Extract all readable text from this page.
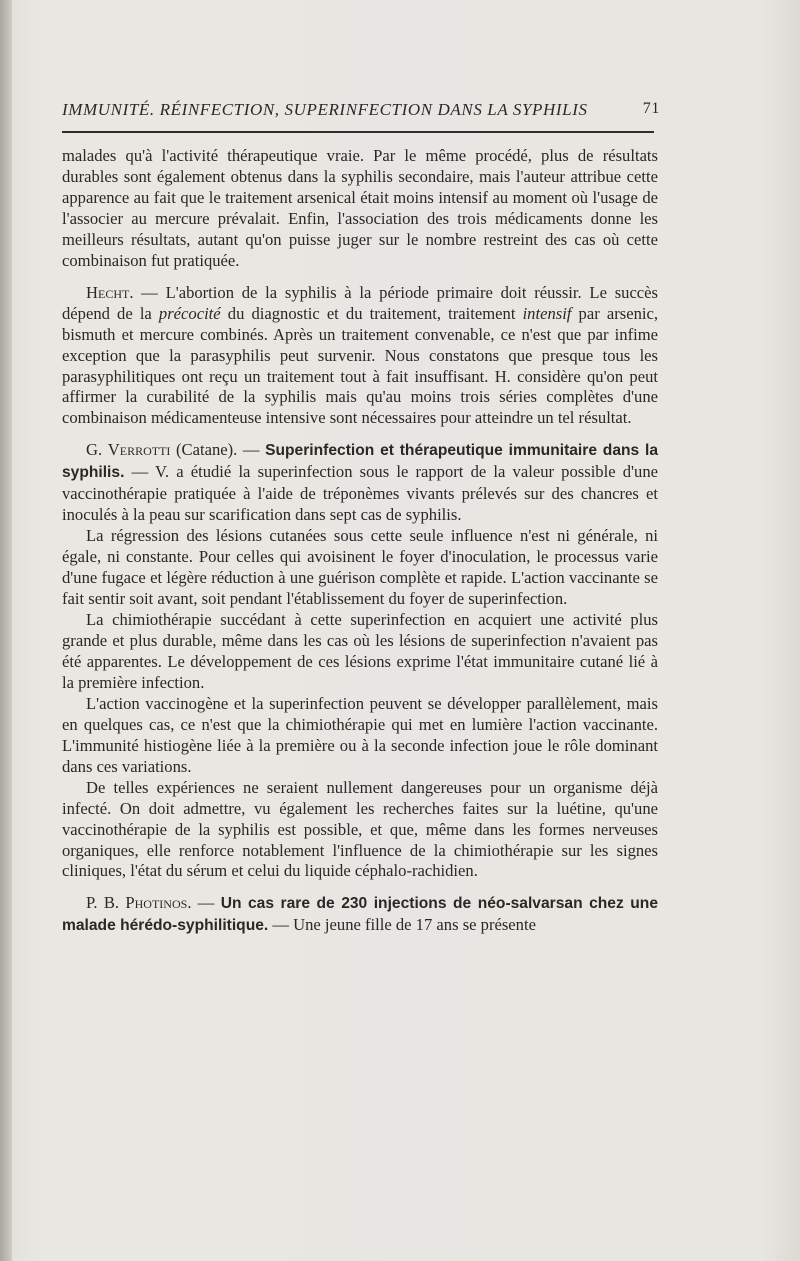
IMMUNITÉ. RÉINFECTION, SUPERINFECTION DANS LA SYPHILIS	71

malades qu'à l'activité thérapeutique vraie. Par le même procédé, plus de résultats durables sont également obtenus dans la syphilis secondaire, mais l'auteur attribue cette apparence au fait que le traitement arsenical était moins intensif au moment où l'usage de l'associer au mercure prévalait. Enfin, l'association des trois médicaments donne les meilleurs résultats, autant qu'on puisse juger sur le nombre restreint des cas où cette combinaison fut pratiquée.

Hecht. — L'abortion de la syphilis à la période primaire doit réussir. Le succès dépend de la précocité du diagnostic et du traitement, traitement intensif par arsenic, bismuth et mercure combinés. Après un traitement convenable, ce n'est que par infime exception que la parasyphilis peut survenir. Nous constatons que presque tous les parasyphilitiques ont reçu un traitement tout à fait insuffisant. H. considère qu'on peut affirmer la curabilité de la syphilis mais qu'au moins trois séries complètes d'une combinaison médicamenteuse intensive sont nécessaires pour atteindre un tel résultat.

G. Verrotti (Catane). — Superinfection et thérapeutique immunitaire dans la syphilis. — V. a étudié la superinfection sous le rapport de la valeur possible d'une vaccinothérapie pratiquée à l'aide de tréponèmes vivants prélevés sur des chancres et inoculés à la peau sur scarification dans sept cas de syphilis.

La régression des lésions cutanées sous cette seule influence n'est ni générale, ni égale, ni constante. Pour celles qui avoisinent le foyer d'inoculation, le processus varie d'une fugace et légère réduction à une guérison complète et rapide. L'action vaccinante se fait sentir soit avant, soit pendant l'établissement du foyer de superinfection.

La chimiothérapie succédant à cette superinfection en acquiert une activité plus grande et plus durable, même dans les cas où les lésions de superinfection n'avaient pas été apparentes. Le développement de ces lésions exprime l'état immunitaire cutané lié à la première infection.

L'action vaccinogène et la superinfection peuvent se développer parallèlement, mais en quelques cas, ce n'est que la chimiothérapie qui met en lumière l'action vaccinante. L'immunité histiogène liée à la première ou à la seconde infection joue le rôle dominant dans ces variations.

De telles expériences ne seraient nullement dangereuses pour un organisme déjà infecté. On doit admettre, vu également les recherches faites sur la luétine, qu'une vaccinothérapie de la syphilis est possible, et que, même dans les formes nerveuses organiques, elle renforce notablement l'influence de la chimiothérapie sur les signes cliniques, l'état du sérum et celui du liquide céphalo-rachidien.

P. B. Photinos. — Un cas rare de 230 injections de néo-salvarsan chez une malade hérédo-syphilitique. — Une jeune fille de 17 ans se présente
